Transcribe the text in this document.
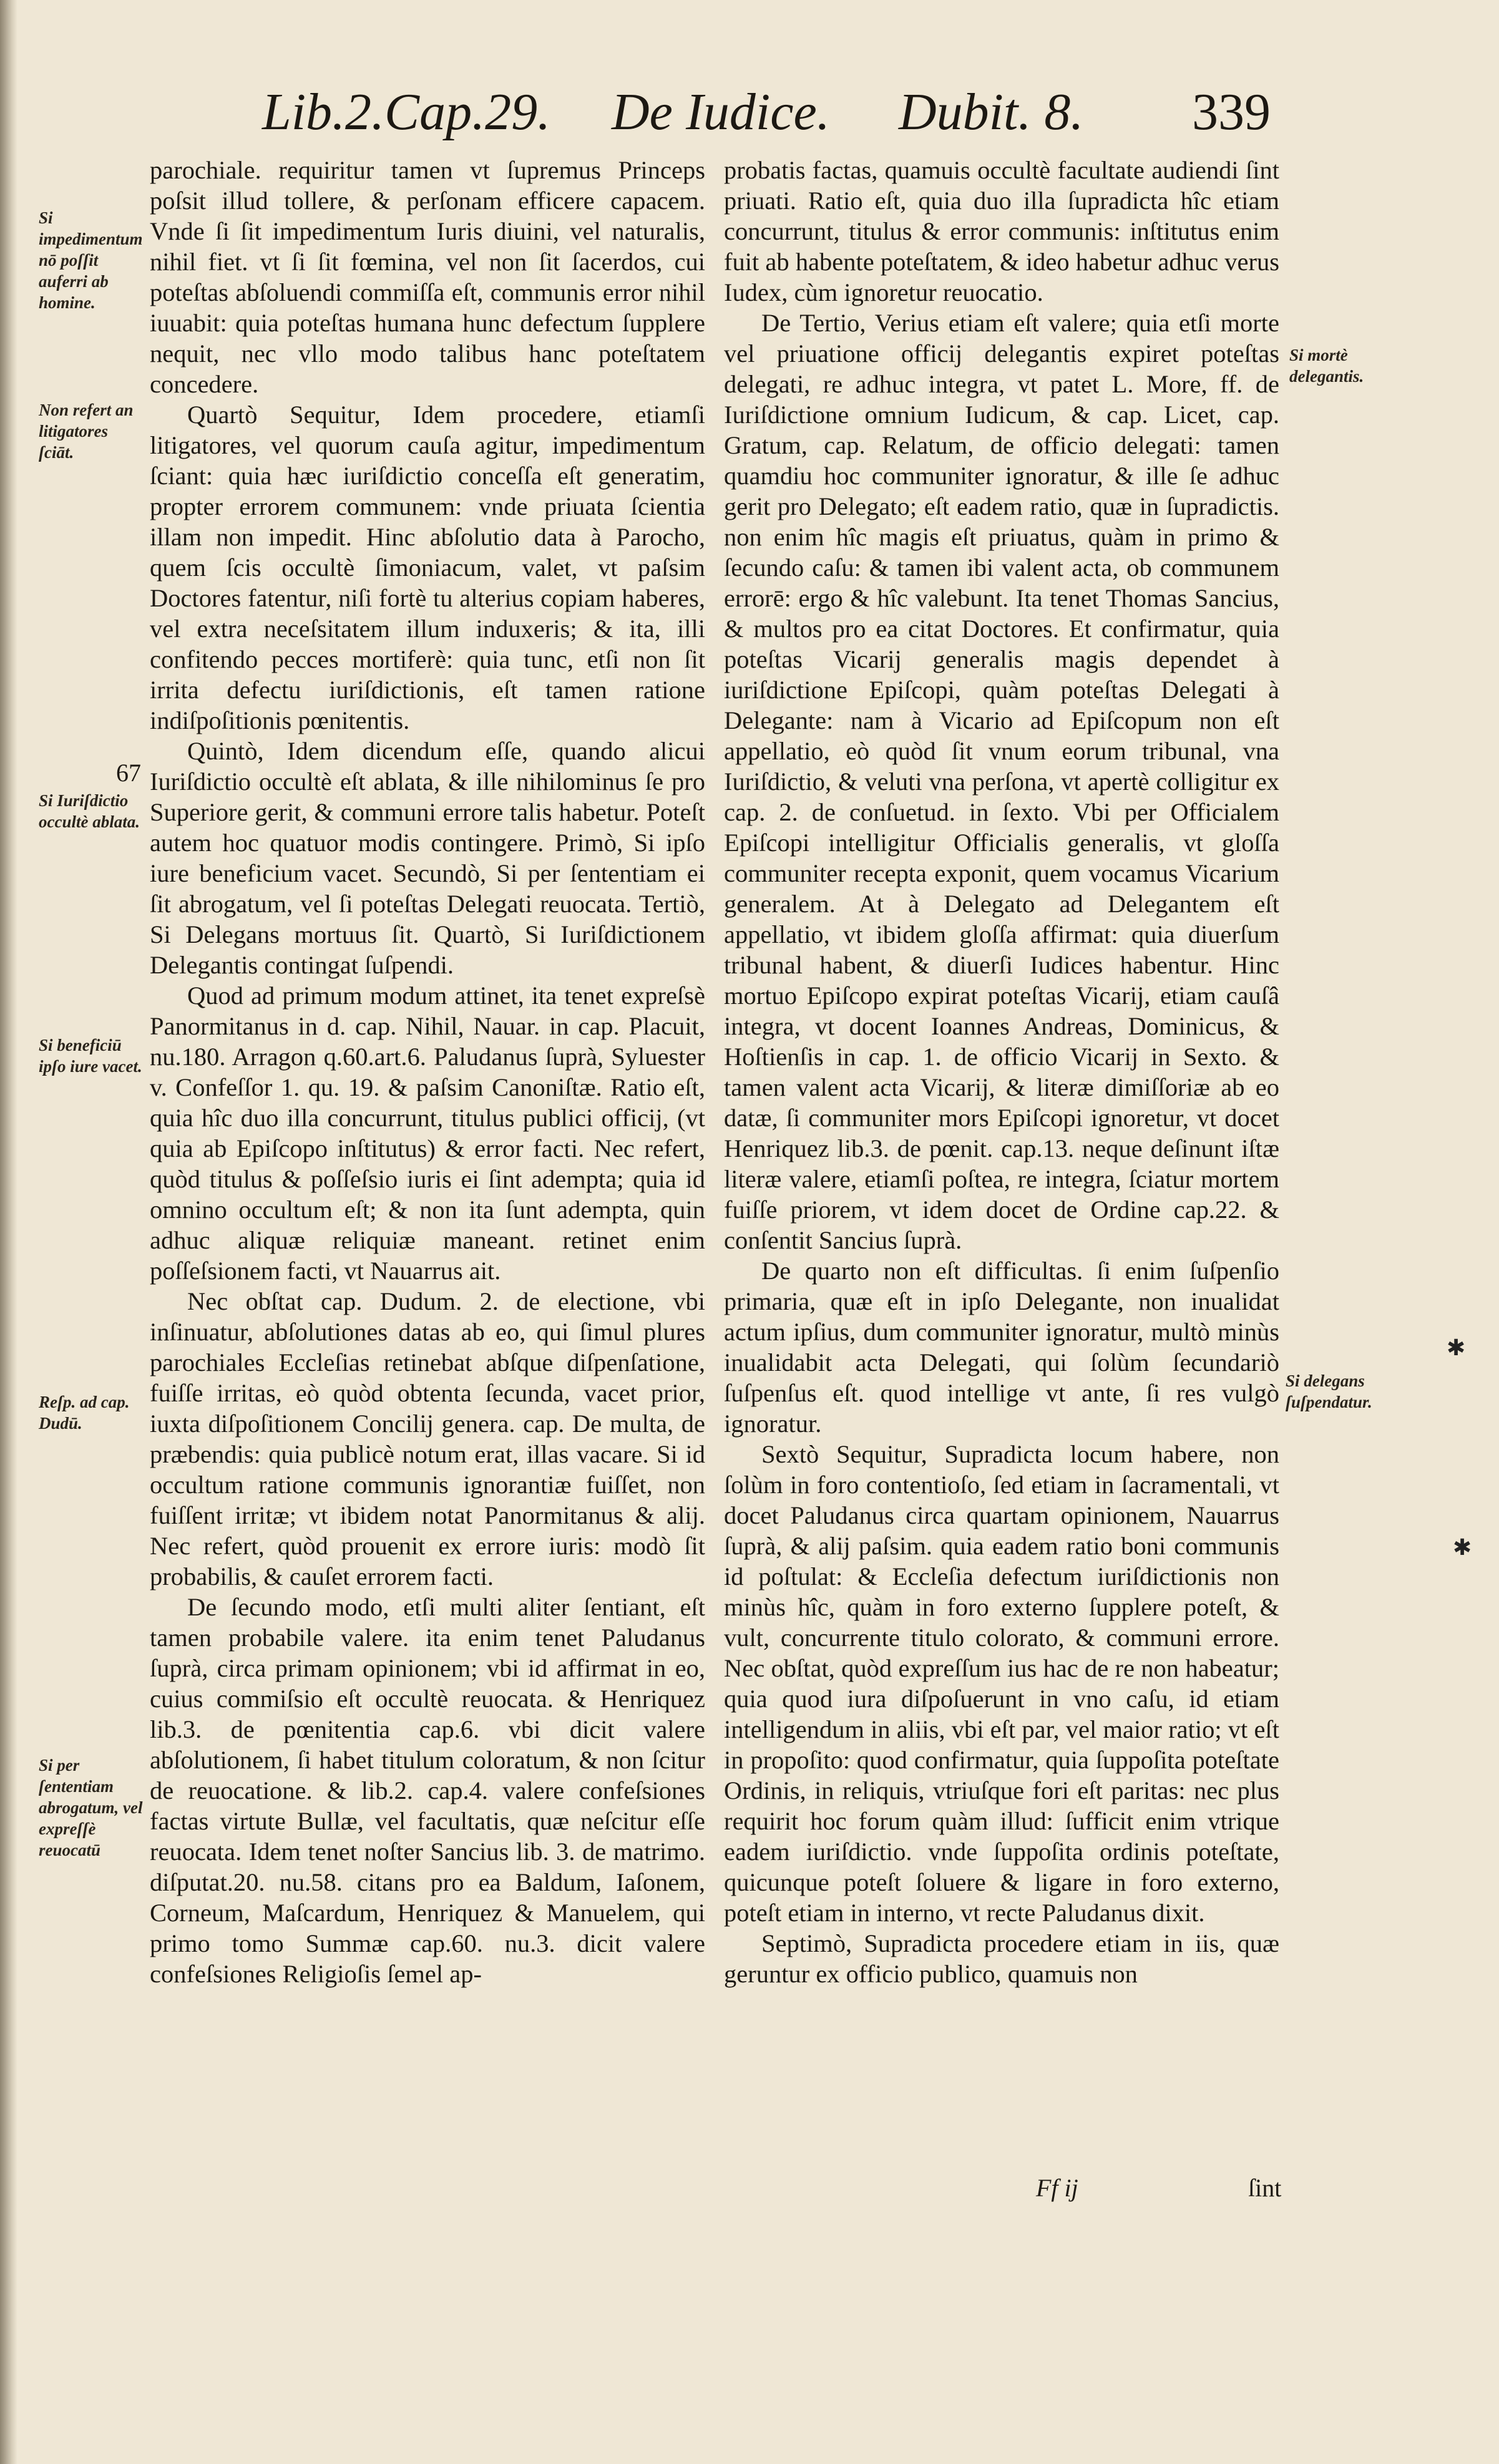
Lib.2.Cap.29. De Iudice. Dubit. 8. 339
Si impedimentum nō poſſit auferri ab homine.
Non refert an litigatores ſciāt.
Si Iuriſdictio occultè ablata.
Si beneficiū ipſo iure vacet.
Reſp. ad cap. Dudū.
Si per ſententiam abrogatum, vel expreſſè reuocatū
Si mortè delegantis.
Si delegans ſuſpendatur.
67

parochiale. requiritur tamen vt ſupremus Princeps poſsit illud tollere, & perſonam efficere capacem. Vnde ſi ſit impedimentum Iuris diuini, vel naturalis, nihil fiet. vt ſi ſit fœmina, vel non ſit ſacerdos, cui poteſtas abſoluendi commiſſa eſt, communis error nihil iuuabit: quia poteſtas humana hunc defectum ſupplere nequit, nec vllo modo talibus hanc poteſtatem concedere.

Quartò Sequitur, Idem procedere, etiamſi litigatores, vel quorum cauſa agitur, impedimentum ſciant: quia hæc iuriſdictio conceſſa eſt generatim, propter errorem communem: vnde priuata ſcientia illam non impedit. Hinc abſolutio data à Parocho, quem ſcis occultè ſimoniacum, valet, vt paſsim Doctores fatentur, niſi fortè tu alterius copiam haberes, vel extra neceſsitatem illum induxeris; & ita, illi confitendo pecces mortiferè: quia tunc, etſi non ſit irrita defectu iuriſdictionis, eſt tamen ratione indiſpoſitionis pœnitentis.

Quintò, Idem dicendum eſſe, quando alicui Iuriſdictio occultè eſt ablata, & ille nihilominus ſe pro Superiore gerit, & communi errore talis habetur. Poteſt autem hoc quatuor modis contingere. Primò, Si ipſo iure beneficium vacet. Secundò, Si per ſententiam ei ſit abrogatum, vel ſi poteſtas Delegati reuocata. Tertiò, Si Delegans mortuus ſit. Quartò, Si Iuriſdictionem Delegantis contingat ſuſpendi.

Quod ad primum modum attinet, ita tenet expreſsè Panormitanus in d. cap. Nihil, Nauar. in cap. Placuit, nu.180. Arragon q.60.art.6. Paludanus ſuprà, Syluester v. Confeſſor 1. qu. 19. & paſsim Canoniſtæ. Ratio eſt, quia hîc duo illa concurrunt, titulus publici officij, (vt quia ab Epiſcopo inſtitutus) & error facti. Nec refert, quòd titulus & poſſeſsio iuris ei ſint adempta; quia id omnino occultum eſt; & non ita ſunt adempta, quin adhuc aliquæ reliquiæ maneant. retinet enim poſſeſsionem facti, vt Nauarrus ait.

Nec obſtat cap. Dudum. 2. de electione, vbi inſinuatur, abſolutiones datas ab eo, qui ſimul plures parochiales Eccleſias retinebat abſque diſpenſatione, fuiſſe irritas, eò quòd obtenta ſecunda, vacet prior, iuxta diſpoſitionem Concilij genera. cap. De multa, de præbendis: quia publicè notum erat, illas vacare. Si id occultum ratione communis ignorantiæ fuiſſet, non fuiſſent irritæ; vt ibidem notat Panormitanus & alij. Nec refert, quòd prouenit ex errore iuris: modò ſit probabilis, & cauſet errorem facti.

De ſecundo modo, etſi multi aliter ſentiant, eſt tamen probabile valere. ita enim tenet Paludanus ſuprà, circa primam opinionem; vbi id affirmat in eo, cuius commiſsio eſt occultè reuocata. & Henriquez lib.3. de pœnitentia cap.6. vbi dicit valere abſolutionem, ſi habet titulum coloratum, & non ſcitur de reuocatione. & lib.2. cap.4. valere confeſsiones factas virtute Bullæ, vel facultatis, quæ neſcitur eſſe reuocata. Idem tenet noſter Sancius lib. 3. de matrimo. diſputat.20. nu.58. citans pro ea Baldum, Iaſonem, Corneum, Maſcardum, Henriquez & Manuelem, qui primo tomo Summæ cap.60. nu.3. dicit valere confeſsiones Religioſis ſemel ap-

probatis factas, quamuis occultè facultate audiendi ſint priuati. Ratio eſt, quia duo illa ſupradicta hîc etiam concurrunt, titulus & error communis: inſtitutus enim fuit ab habente poteſtatem, & ideo habetur adhuc verus Iudex, cùm ignoretur reuocatio.

De Tertio, Verius etiam eſt valere; quia etſi morte vel priuatione officij delegantis expiret poteſtas delegati, re adhuc integra, vt patet L. More, ff. de Iuriſdictione omnium Iudicum, & cap. Licet, cap. Gratum, cap. Relatum, de officio delegati: tamen quamdiu hoc communiter ignoratur, & ille ſe adhuc gerit pro Delegato; eſt eadem ratio, quæ in ſupradictis. non enim hîc magis eſt priuatus, quàm in primo & ſecundo caſu: & tamen ibi valent acta, ob communem errorē: ergo & hîc valebunt. Ita tenet Thomas Sancius, & multos pro ea citat Doctores. Et confirmatur, quia poteſtas Vicarij generalis magis dependet à iuriſdictione Epiſcopi, quàm poteſtas Delegati à Delegante: nam à Vicario ad Epiſcopum non eſt appellatio, eò quòd ſit vnum eorum tribunal, vna Iuriſdictio, & veluti vna perſona, vt apertè colligitur ex cap. 2. de conſuetud. in ſexto. Vbi per Officialem Epiſcopi intelligitur Officialis generalis, vt gloſſa communiter recepta exponit, quem vocamus Vicarium generalem. At à Delegato ad Delegantem eſt appellatio, vt ibidem gloſſa affirmat: quia diuerſum tribunal habent, & diuerſi Iudices habentur. Hinc mortuo Epiſcopo expirat poteſtas Vicarij, etiam cauſâ integra, vt docent Ioannes Andreas, Dominicus, & Hoſtienſis in cap. 1. de officio Vicarij in Sexto. & tamen valent acta Vicarij, & literæ dimiſſoriæ ab eo datæ, ſi communiter mors Epiſcopi ignoretur, vt docet Henriquez lib.3. de pœnit. cap.13. neque deſinunt iſtæ literæ valere, etiamſi poſtea, re integra, ſciatur mortem fuiſſe priorem, vt idem docet de Ordine cap.22. & conſentit Sancius ſuprà.

De quarto non eſt difficultas. ſi enim ſuſpenſio primaria, quæ eſt in ipſo Delegante, non inualidat actum ipſius, dum communiter ignoratur, multò minùs inualidabit acta Delegati, qui ſolùm ſecundariò ſuſpenſus eſt. quod intellige vt ante, ſi res vulgò ignoratur.

Sextò Sequitur, Supradicta locum habere, non ſolùm in foro contentioſo, ſed etiam in ſacramentali, vt docet Paludanus circa quartam opinionem, Nauarrus ſuprà, & alij paſsim. quia eadem ratio boni communis id poſtulat: & Eccleſia defectum iuriſdictionis non minùs hîc, quàm in foro externo ſupplere poteſt, & vult, concurrente titulo colorato, & communi errore. Nec obſtat, quòd expreſſum ius hac de re non habeatur; quia quod iura diſpoſuerunt in vno caſu, id etiam intelligendum in aliis, vbi eſt par, vel maior ratio; vt eſt in propoſito: quod confirmatur, quia ſuppoſita poteſtate Ordinis, in reliquis, vtriuſque fori eſt paritas: nec plus requirit hoc forum quàm illud: ſufficit enim vtrique eadem iuriſdictio. vnde ſuppoſita ordinis poteſtate, quicunque poteſt ſoluere & ligare in foro externo, poteſt etiam in interno, vt recte Paludanus dixit.

Septimò, Supradicta procedere etiam in iis, quæ geruntur ex officio publico, quamuis non

✱
✱
Ff ij	ſint
